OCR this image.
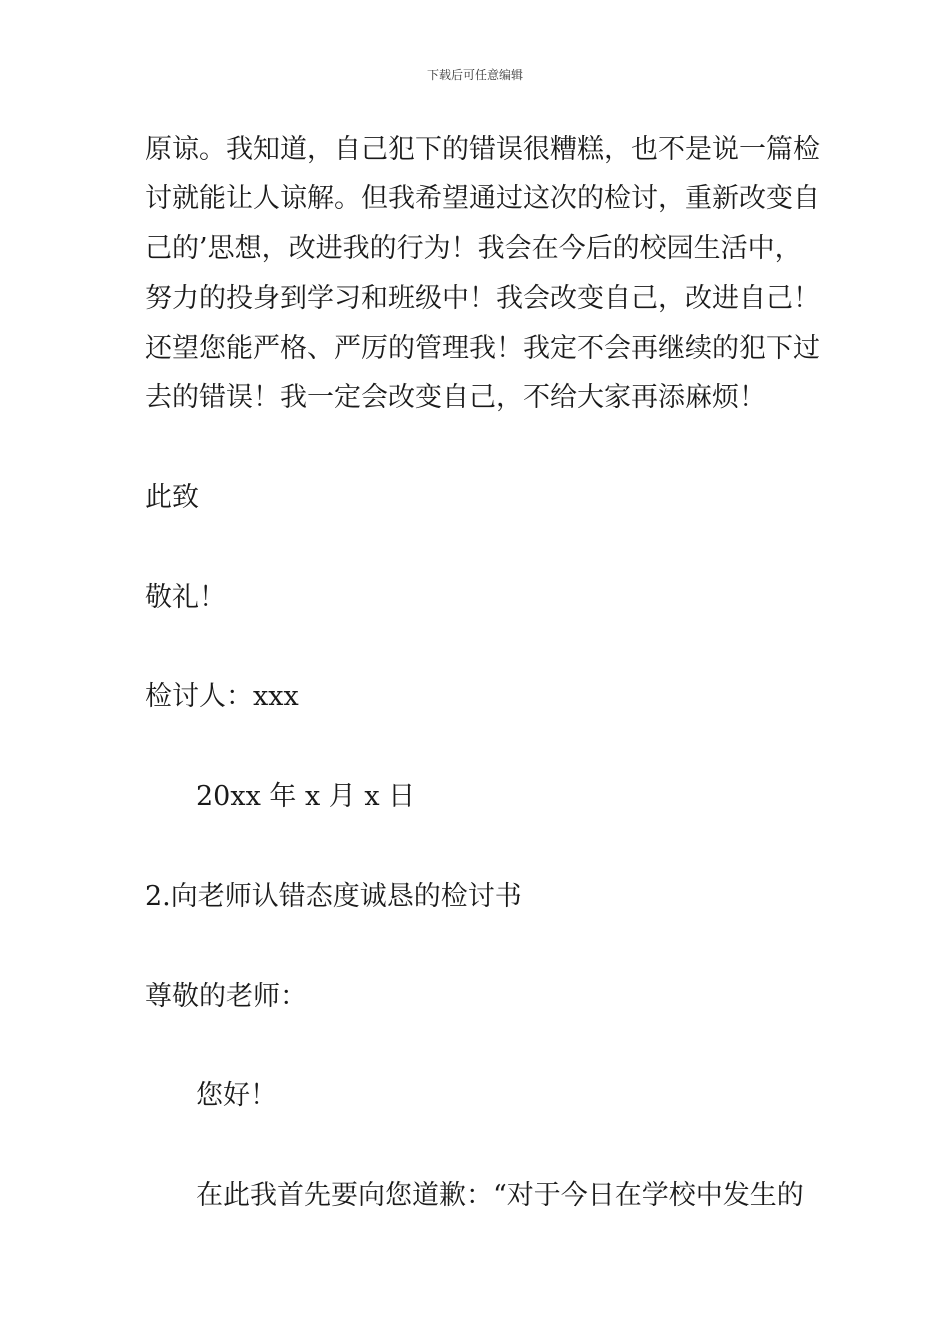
下载后可任意编辑
原谅。我知道，自己犯下的错误很糟糕，也不是说一篇检
讨就能让人谅解。但我希望通过这次的检讨，重新改变自
己的’思想，改进我的行为！我会在今后的校园生活中，
努力的投身到学习和班级中！我会改变自己，改进自己！
还望您能严格、严厉的管理我！我定不会再继续的犯下过
去的错误！我一定会改变自己，不给大家再添麻烦！
此致
敬礼！
检讨人：xxx
20xx 年 x 月 x 日
2.向老师认错态度诚恳的检讨书
尊敬的老师：
您好！
在此我首先要向您道歉：“对于今日在学校中发生的
